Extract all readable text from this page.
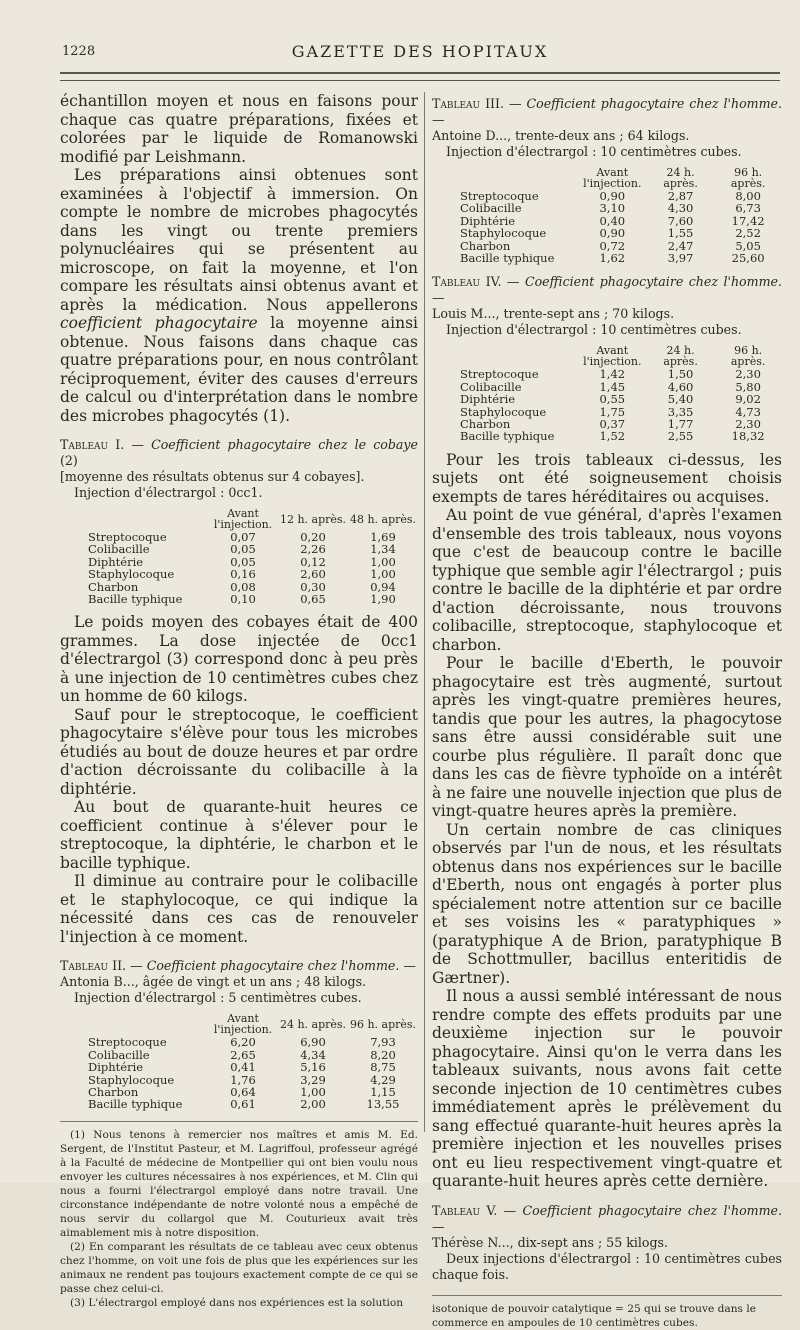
1228	GAZETTE DES HOPITAUX

échantillon moyen et nous en faisons pour chaque cas quatre préparations, fixées et colorées par le liquide de Romanowski modifié par Leishmann.

Les préparations ainsi obtenues sont examinées à l'objectif à immersion. On compte le nombre de microbes phagocytés dans les vingt ou trente premiers polynucléaires qui se présentent au microscope, on fait la moyenne, et l'on compare les résultats ainsi obtenus avant et après la médication. Nous appellerons coefficient phagocytaire la moyenne ainsi obtenue. Nous faisons dans chaque cas quatre préparations pour, en nous contrôlant réciproquement, éviter des causes d'erreurs de calcul ou d'interprétation dans le nombre des microbes phagocytés (1).

Tableau I. — Coefficient phagocytaire chez le cobaye (2)

[moyenne des résultats obtenus sur 4 cobayes].

Injection d'électrargol : 0cc1.

	Avant l'injection.	12 h. après.	48 h. après.
Streptocoque	0,07	0,20	1,69
Colibacille	0,05	2,26	1,34
Diphtérie	0,05	0,12	1,00
Staphylocoque	0,16	2,60	1,00
Charbon	0,08	0,30	0,94
Bacille typhique	0,10	0,65	1,90

Le poids moyen des cobayes était de 400 grammes. La dose injectée de 0cc1 d'électrargol (3) correspond donc à peu près à une injection de 10 centimètres cubes chez un homme de 60 kilogs.

Sauf pour le streptocoque, le coefficient phagocytaire s'élève pour tous les microbes étudiés au bout de douze heures et par ordre d'action décroissante du colibacille à la diphtérie.

Au bout de quarante-huit heures ce coefficient continue à s'élever pour le streptocoque, la diphtérie, le charbon et le bacille typhique.

Il diminue au contraire pour le colibacille et le staphylocoque, ce qui indique la nécessité dans ces cas de renouveler l'injection à ce moment.

Tableau II. — Coefficient phagocytaire chez l'homme. —

Antonia B..., âgée de vingt et un ans ; 48 kilogs.

Injection d'électrargol : 5 centimètres cubes.

	Avant l'injection.	24 h. après.	96 h. après.
Streptocoque	6,20	6,90	7,93
Colibacille	2,65	4,34	8,20
Diphtérie	0,41	5,16	8,75
Staphylocoque	1,76	3,29	4,29
Charbon	0,64	1,00	1,15
Bacille typhique	0,61	2,00	13,55

(1) Nous tenons à remercier nos maîtres et amis M. Ed. Sergent, de l'Institut Pasteur, et M. Lagriffoul, professeur agrégé à la Faculté de médecine de Montpellier qui ont bien voulu nous envoyer les cultures nécessaires à nos expériences, et M. Clin qui nous a fourni l'électrargol employé dans notre travail. Une circonstance indépendante de notre volonté nous a empêché de nous servir du collargol que M. Couturieux avait très aimablement mis à notre disposition.

(2) En comparant les résultats de ce tableau avec ceux obtenus chez l'homme, on voit une fois de plus que les expériences sur les animaux ne rendent pas toujours exactement compte de ce qui se passe chez celui-ci.

(3) L'électrargol employé dans nos expériences est la solution

Tableau III. — Coefficient phagocytaire chez l'homme. —

Antoine D..., trente-deux ans ; 64 kilogs.

Injection d'électrargol : 10 centimètres cubes.

	Avant l'injection.	24 h. après.	96 h. après.
Streptocoque	0,90	2,87	8,00
Colibacille	3,10	4,30	6,73
Diphtérie	0,40	7,60	17,42
Staphylocoque	0,90	1,55	2,52
Charbon	0,72	2,47	5,05
Bacille typhique	1,62	3,97	25,60

Tableau IV. — Coefficient phagocytaire chez l'homme. —

Louis M..., trente-sept ans ; 70 kilogs.

Injection d'électrargol : 10 centimètres cubes.

	Avant l'injection.	24 h. après.	96 h. après.
Streptocoque	1,42	1,50	2,30
Colibacille	1,45	4,60	5,80
Diphtérie	0,55	5,40	9,02
Staphylocoque	1,75	3,35	4,73
Charbon	0,37	1,77	2,30
Bacille typhique	1,52	2,55	18,32

Pour les trois tableaux ci-dessus, les sujets ont été soigneusement choisis exempts de tares héréditaires ou acquises.

Au point de vue général, d'après l'examen d'ensemble des trois tableaux, nous voyons que c'est de beaucoup contre le bacille typhique que semble agir l'électrargol ; puis contre le bacille de la diphtérie et par ordre d'action décroissante, nous trouvons colibacille, streptocoque, staphylocoque et charbon.

Pour le bacille d'Eberth, le pouvoir phagocytaire est très augmenté, surtout après les vingt-quatre premières heures, tandis que pour les autres, la phagocytose sans être aussi considérable suit une courbe plus régulière. Il paraît donc que dans les cas de fièvre typhoïde on a intérêt à ne faire une nouvelle injection que plus de vingt-quatre heures après la première.

Un certain nombre de cas cliniques observés par l'un de nous, et les résultats obtenus dans nos expériences sur le bacille d'Eberth, nous ont engagés à porter plus spécialement notre attention sur ce bacille et ses voisins les « paratyphiques » (paratyphique A de Brion, paratyphique B de Schottmuller, bacillus enteritidis de Gærtner).

Il nous a aussi semblé intéressant de nous rendre compte des effets produits par une deuxième injection sur le pouvoir phagocytaire. Ainsi qu'on le verra dans les tableaux suivants, nous avons fait cette seconde injection de 10 centimètres cubes immédiatement après le prélèvement du sang effectué quarante-huit heures après la première injection et les nouvelles prises ont eu lieu respectivement vingt-quatre et quarante-huit heures après cette dernière.

Tableau V. — Coefficient phagocytaire chez l'homme. —

Thérèse N..., dix-sept ans ; 55 kilogs.

Deux injections d'électrargol : 10 centimètres cubes chaque fois.

isotonique de pouvoir catalytique = 25 qui se trouve dans le commerce en ampoules de 10 centimètres cubes.
